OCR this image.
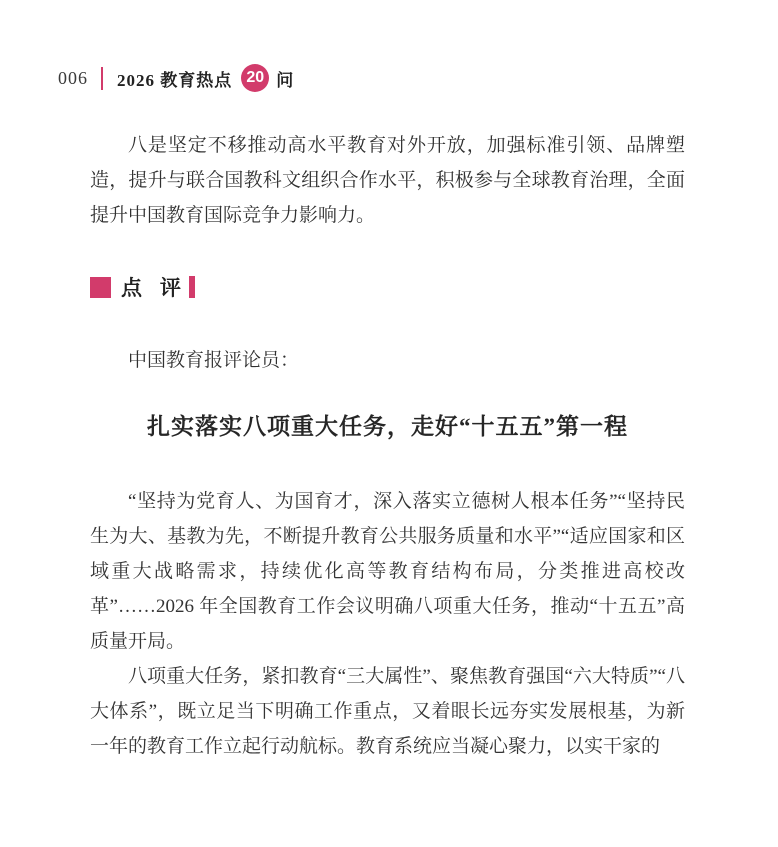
006 2026 教育热点 20 问

八是坚定不移推动高水平教育对外开放，加强标准引领、品牌塑造，提升与联合国教科文组织合作水平，积极参与全球教育治理，全面提升中国教育国际竞争力影响力。

点 评

中国教育报评论员：

扎实落实八项重大任务，走好“十五五”第一程

“坚持为党育人、为国育才，深入落实立德树人根本任务”“坚持民生为大、基教为先，不断提升教育公共服务质量和水平”“适应国家和区域重大战略需求，持续优化高等教育结构布局，分类推进高校改革”……2026 年全国教育工作会议明确八项重大任务，推动“十五五”高质量开局。

八项重大任务，紧扣教育“三大属性”、聚焦教育强国“六大特质”“八大体系”，既立足当下明确工作重点，又着眼长远夯实发展根基，为新一年的教育工作立起行动航标。教育系统应当凝心聚力，以实干家的
